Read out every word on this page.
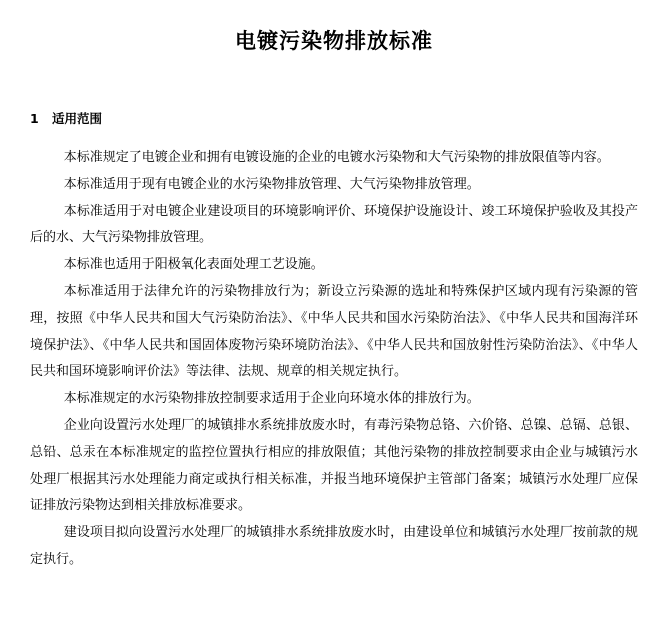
电镀污染物排放标准
1 适用范围

本标准规定了电镀企业和拥有电镀设施的企业的电镀水污染物和大气污染物的排放限值等内容。

本标准适用于现有电镀企业的水污染物排放管理、大气污染物排放管理。

本标准适用于对电镀企业建设项目的环境影响评价、环境保护设施设计、竣工环境保护验收及其投产后的水、大气污染物排放管理。

本标准也适用于阳极氧化表面处理工艺设施。

本标准适用于法律允许的污染物排放行为；新设立污染源的选址和特殊保护区域内现有污染源的管理，按照《中华人民共和国大气污染防治法》、《中华人民共和国水污染防治法》、《中华人民共和国海洋环境保护法》、《中华人民共和国固体废物污染环境防治法》、《中华人民共和国放射性污染防治法》、《中华人民共和国环境影响评价法》等法律、法规、规章的相关规定执行。

本标准规定的水污染物排放控制要求适用于企业向环境水体的排放行为。

企业向设置污水处理厂的城镇排水系统排放废水时，有毒污染物总铬、六价铬、总镍、总镉、总银、总铅、总汞在本标准规定的监控位置执行相应的排放限值；其他污染物的排放控制要求由企业与城镇污水处理厂根据其污水处理能力商定或执行相关标准，并报当地环境保护主管部门备案；城镇污水处理厂应保证排放污染物达到相关排放标准要求。

建设项目拟向设置污水处理厂的城镇排水系统排放废水时，由建设单位和城镇污水处理厂按前款的规定执行。
